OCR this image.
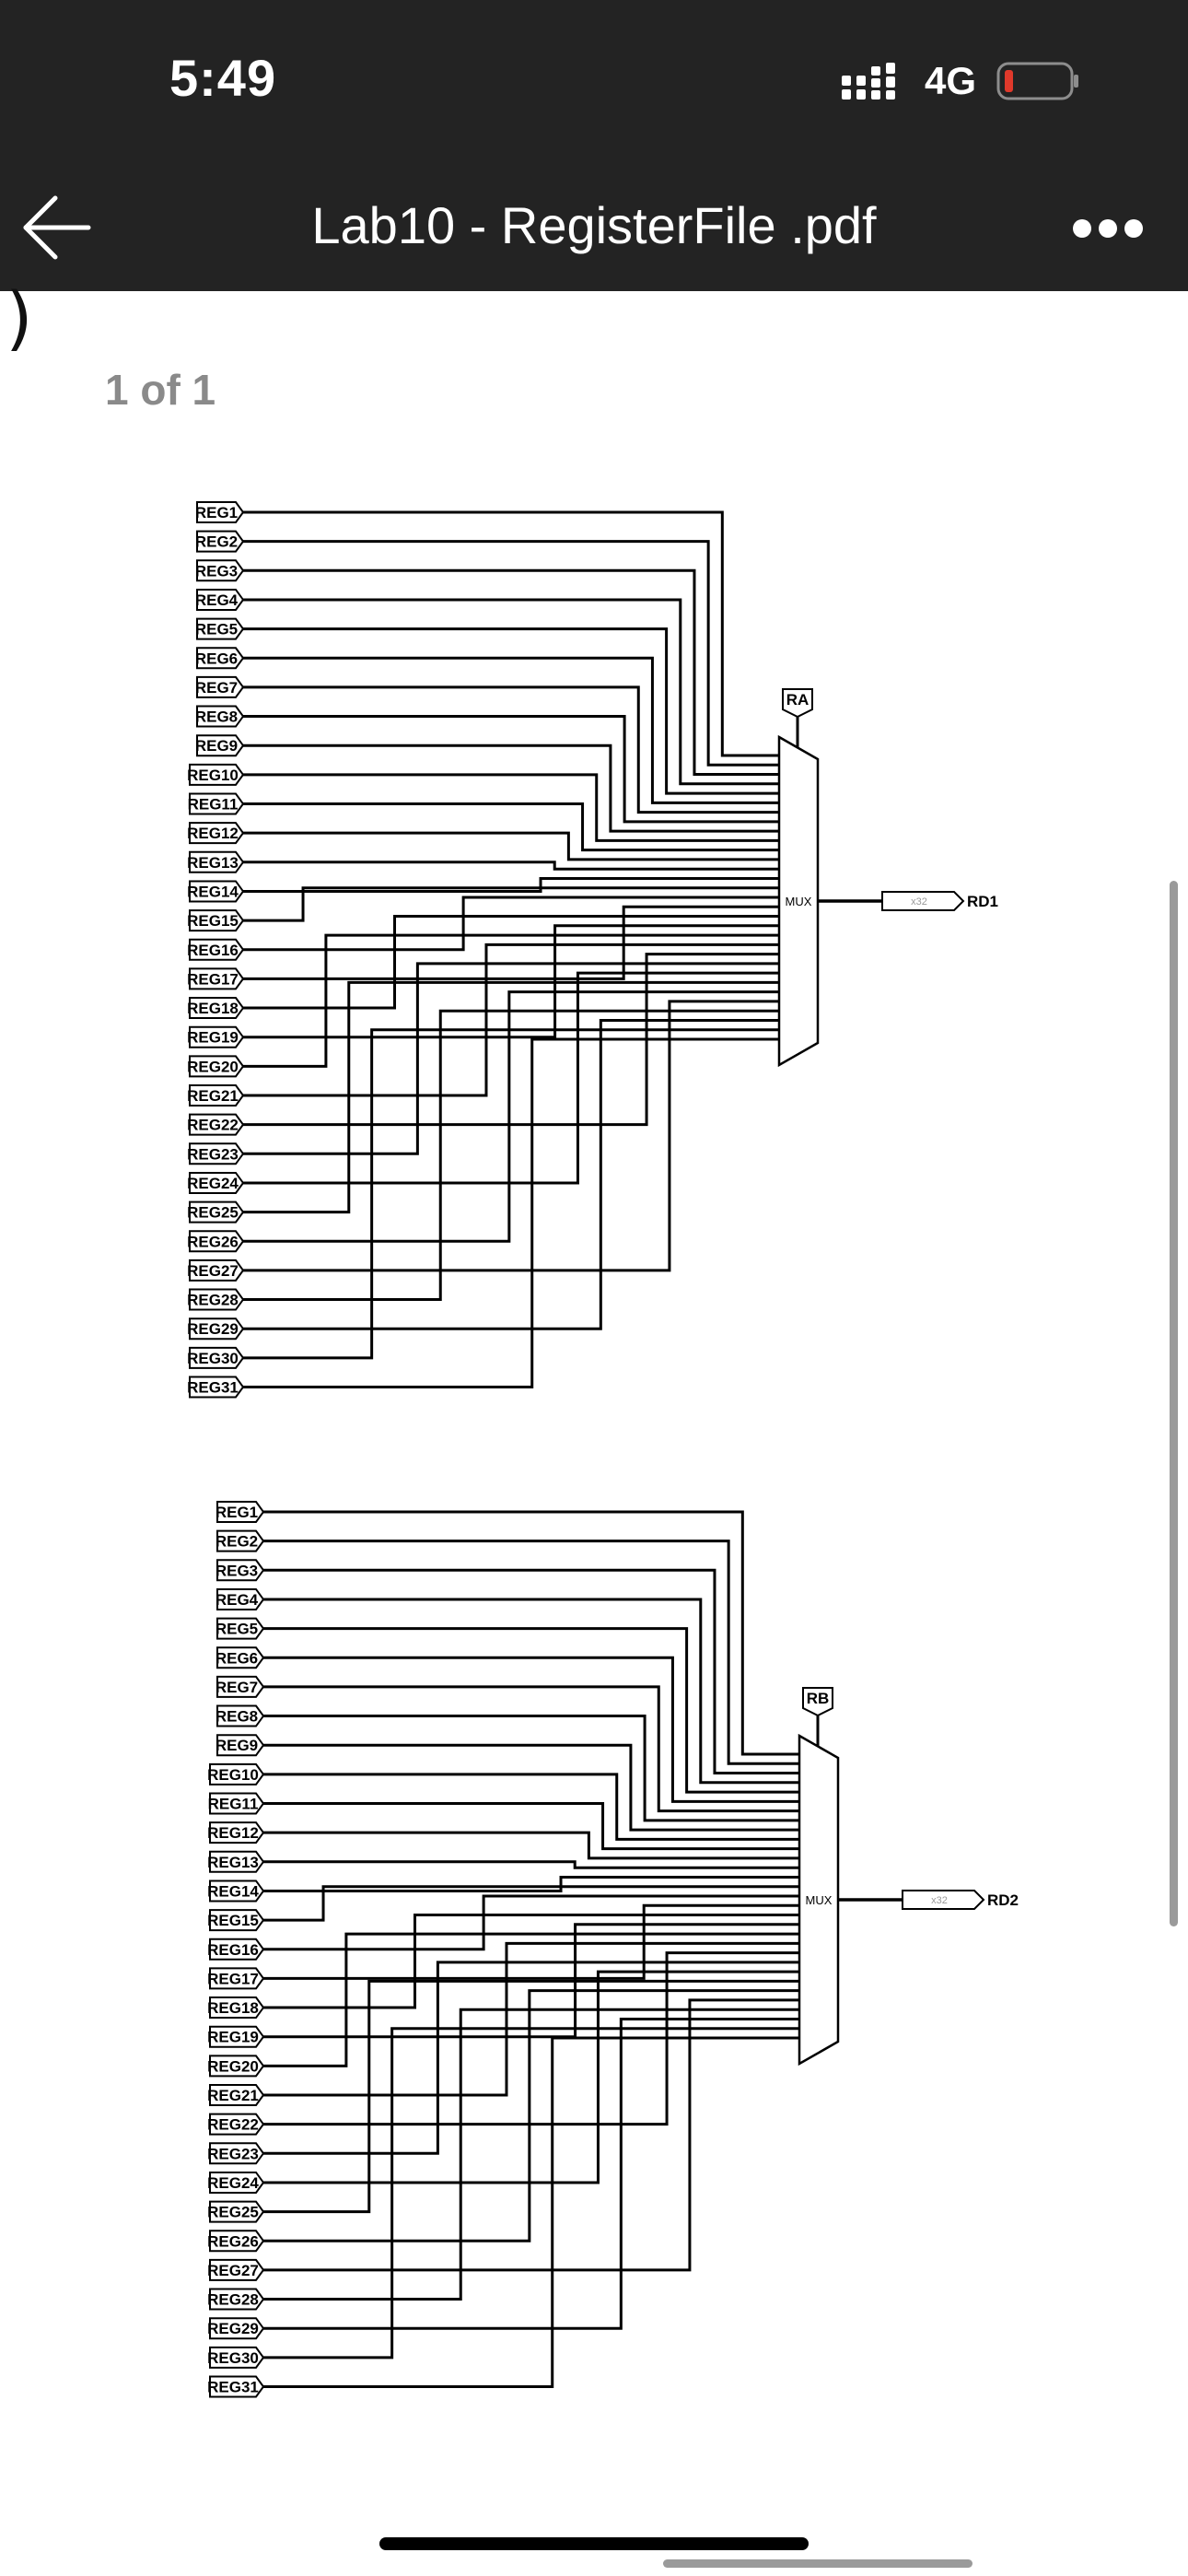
5:49	4G
Lab10 - RegisterFile .pdf
)
1 of 1
REG1
REG2
REG3
REG4
REG5
REG6
REG7
REG8
REG9
REG10
REG11
REG12
REG13
REG14
REG15
REG16
REG17
REG18
REG19
REG20
REG21
REG22
REG23
REG24
REG25
REG26
REG27
REG28
REG29
REG30
REG31
MUX
RA
x32	RD1
REG1
REG2
REG3
REG4
REG5
REG6
REG7
REG8
REG9
REG10
REG11
REG12
REG13
REG14
REG15
REG16
REG17
REG18
REG19
REG20
REG21
REG22
REG23
REG24
REG25
REG26
REG27
REG28
REG29
REG30
REG31
MUX
RB
x32	RD2
